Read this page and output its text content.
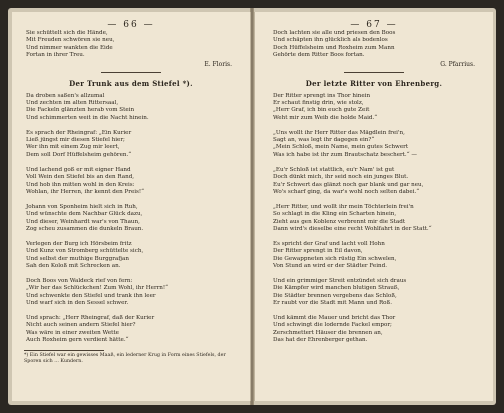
— 66 —
Sie schüttelt sich die Hände,
Mit Freuden schwören sie neu,
Und nimmer wankten die Eide
Fortan in ihrer Treu.
E. Floris.
Der Trunk aus dem Stiefel *).
Da droben saßen's allzumal
Und zechten im alten Rittersaal,
Die Fackeln glänzten herab vom Stein
Und schimmerten weit in die Nacht hinein.

Es sprach der Rheingraf: „Ein Kurier
Ließ jüngst mir diesen Stiefel hier;
Wer ihn mit einem Zug mir leert,
Dem soll Dorf Hüffelsheim gehören.“

Und lachend goß er mit eigner Hand
Voll Wein den Stiefel bis an den Rand,
Und hob ihn mitten wohl in den Kreis:
Wohlan, ihr Herren, ihr kennt den Preis!“

Johann von Sponheim hielt sich in Ruh,
Und wünschte dem Nachbar Glück dazu,
Und dieser, Weinhardt war's von Thaun,
Zog scheu zusammen die dunkeln Braun.

Verlegen der Burg ich Hörsbeim fritz
Und Kunz von Stromberg schüttelte sich,
Und selbst der muthige Burggrafjan
Sah den Koloß mit Schrecken an.

Doch Boos von Waldeck rief von fern:
„Wir her das Schlückchen! Zum Wohl, ihr Herrn!“
Und schwenkte den Stiefel und trank ihn leer
Und warf sich in den Sessel schwer.

Und sprach: „Herr Rheingraf, daß der Kurier
Nicht auch seinen andern Stiefel hier?
Was wäre in einer zweiten Wette
Auch Roxheim gern verdient hätte.“
*) Ein Stiefel war ein gewisses Maaß, ein lederner Krug in Form eines Stiefels, der Sporen sich ... Kundern.
— 67 —
Doch lachten sie alle und priesen den Boos
Und schäpten ihn glücklich als bodenlos
Doch Hüffelsheim und Roxheim zum Mann
Gehörte dem Ritter Boos fortan.
G. Pfarrius.
Der letzte Ritter von Ehrenberg.
Der Ritter sprengt ins Thor hinein
Er schaut finstig drin, wie stolz,
„Herr Graf, ich bin euch gute Zeit
Weht mir zum Weib die holde Maid.“

„Uns wollt ihr Herr Ritter das Mägdlein frei'n,
Sagt an, was legt ihr dagegen ein?“
„Mein Schloß, mein Name, mein gutes Schwert
Was ich habe ist ihr zum Brautschatz beschert.“ —

„Eu'r Schloß ist stattlich, eu'r Nam' ist gut
Doch dünkt mich, ihr seid noch ein junges Blut.
Eu'r Schwert das glänzt noch gar blank und gar neu,
Wo's scharf ging, da war's wohl noch selten dabei.“

„Herr Ritter, und wollt ihr mein Töchterlein frei'n
So schlagt in die Kling ein Scharten hinein,
Zieht aus gen Koblenz verbrennt mir die Stadt
Dann wird's dieselbe eine recht Wohlfahrt in der Statt.“

Es spricht der Graf und lacht voll Hohn
Der Ritter sprengt in Eil davon,
Die Gewappneten sich rüstig Ein schwelen,
Von Stund an wird er der Städter Feind.

Und ein grimmiger Streit entzündet sich draus
Die Kämpfer wird manchen blutigen Strauß,
Die Städter brennen vergebens das Schloß,
Er raubt vor die Stadt mit Mann und Roß.

Und kämmt die Mauer und bricht das Thor
Und schwingt die lodernde Fackel empor;
Zerschmettert Häuser die brennen an,
Das hat der Ehrenberger gethan.
